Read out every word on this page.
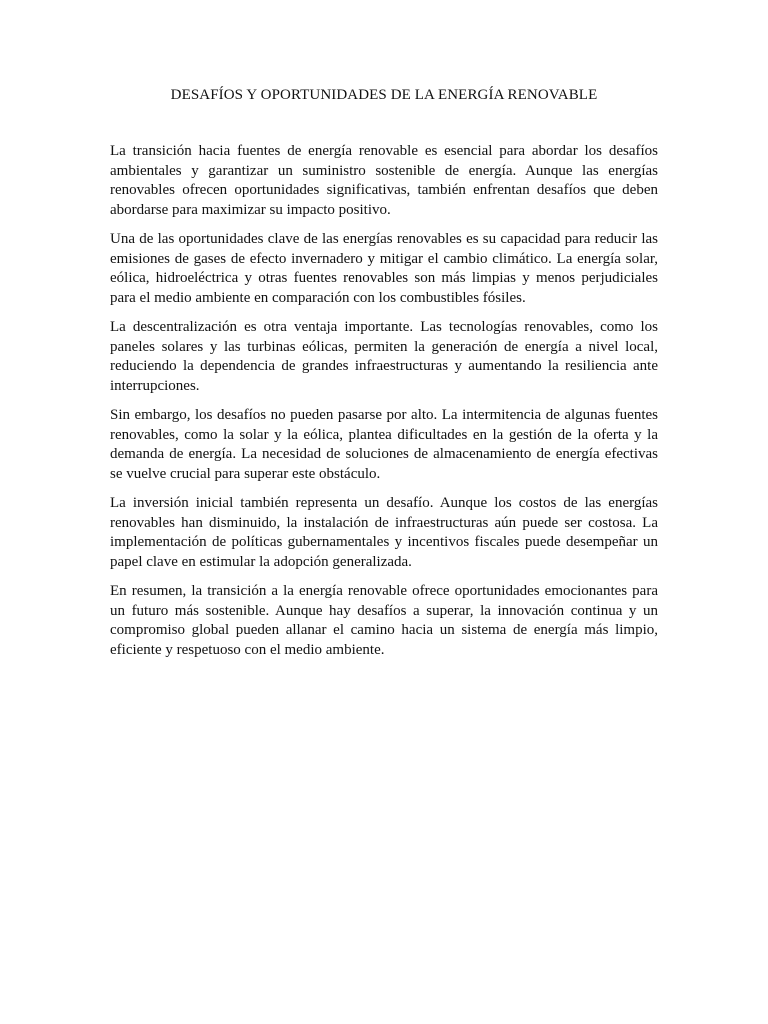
DESAFÍOS Y OPORTUNIDADES DE LA ENERGÍA RENOVABLE

La transición hacia fuentes de energía renovable es esencial para abordar los desafíos ambientales y garantizar un suministro sostenible de energía. Aunque las energías renovables ofrecen oportunidades significativas, también enfrentan desafíos que deben abordarse para maximizar su impacto positivo.

Una de las oportunidades clave de las energías renovables es su capacidad para reducir las emisiones de gases de efecto invernadero y mitigar el cambio climático. La energía solar, eólica, hidroeléctrica y otras fuentes renovables son más limpias y menos perjudiciales para el medio ambiente en comparación con los combustibles fósiles.

La descentralización es otra ventaja importante. Las tecnologías renovables, como los paneles solares y las turbinas eólicas, permiten la generación de energía a nivel local, reduciendo la dependencia de grandes infraestructuras y aumentando la resiliencia ante interrupciones.

Sin embargo, los desafíos no pueden pasarse por alto. La intermitencia de algunas fuentes renovables, como la solar y la eólica, plantea dificultades en la gestión de la oferta y la demanda de energía. La necesidad de soluciones de almacenamiento de energía efectivas se vuelve crucial para superar este obstáculo.

La inversión inicial también representa un desafío. Aunque los costos de las energías renovables han disminuido, la instalación de infraestructuras aún puede ser costosa. La implementación de políticas gubernamentales y incentivos fiscales puede desempeñar un papel clave en estimular la adopción generalizada.

En resumen, la transición a la energía renovable ofrece oportunidades emocionantes para un futuro más sostenible. Aunque hay desafíos a superar, la innovación continua y un compromiso global pueden allanar el camino hacia un sistema de energía más limpio, eficiente y respetuoso con el medio ambiente.
